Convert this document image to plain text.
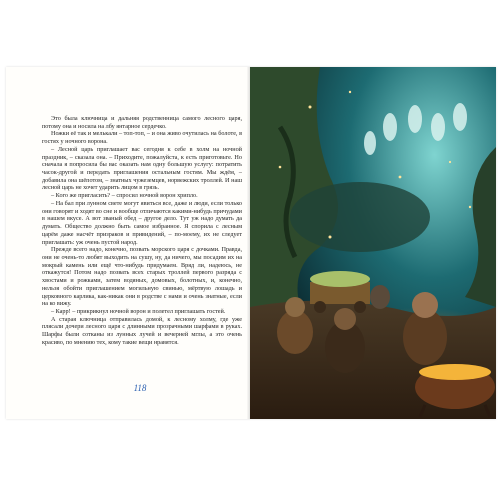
Это была ключница и дальняя родственница самого лесного царя, потому она и носила на лбу янтарное сердечко.

Ножки её так и мелькали – топ-топ, – и она живо очутилась на болоте, в гостях у ночного ворона.

– Лесной царь приглашает вас сегодня к себе в холм на ночной праздник, – сказала она. – Приходите, пожалуйста, к есть приготовьте. Но сначала я попросила бы вас оказать нам одну большую услугу: потратить часок-другой и передать приглашения остальным гостям. Мы ждём, – добавила она шёпотом, – знатных чужеземцев, норвежских троллей. И наш лесной царь не хочет ударить лицом в грязь.

– Кого же пригласить? – спросил ночной ворон хрипло.

– На бал при лунном свете могут явиться все, даже и люди, если только они говорят и ходят во сне и вообще отличаются какими-нибудь причудами в нашем вкусе. А вот званый обед – другое дело. Тут уж надо думать да думать. Общество должно быть самое избранное. Я спорила с лесным царём даже насчёт призраков и привидений, – по-моему, их не следует приглашать: уж очень пустой народ.

Прежде всего надо, конечно, позвать морского царя с дочками. Правда, они не очень-то любят выходить на сушу, ну, да ничего, мы посадим их на мокрый камень или ещё что-нибудь придумаем. Вряд ли, надеюсь, не откажутся! Потом надо позвать всех старых троллей первого разряда с хвостами и рожками, затем водяных, домовых, болотных, и, конечно, нельзя обойти приглашением могильную свинью, мёртвую лошадь и церковного карлика, как-никак они в родстве с нами и очень знатные, если на ко вижу.

– Карр! – прикрикнул ночной ворон и полетел приглашать гостей.

А старая ключница отправилась домой, к лесному холму, где уже плясали дочери лесного царя с длинными прозрачными шарфами в руках. Шарфы были сотканы из лунных лучей и вечерней мглы, а это очень красиво, по мнению тех, кому такие вещи нравятся.

118
